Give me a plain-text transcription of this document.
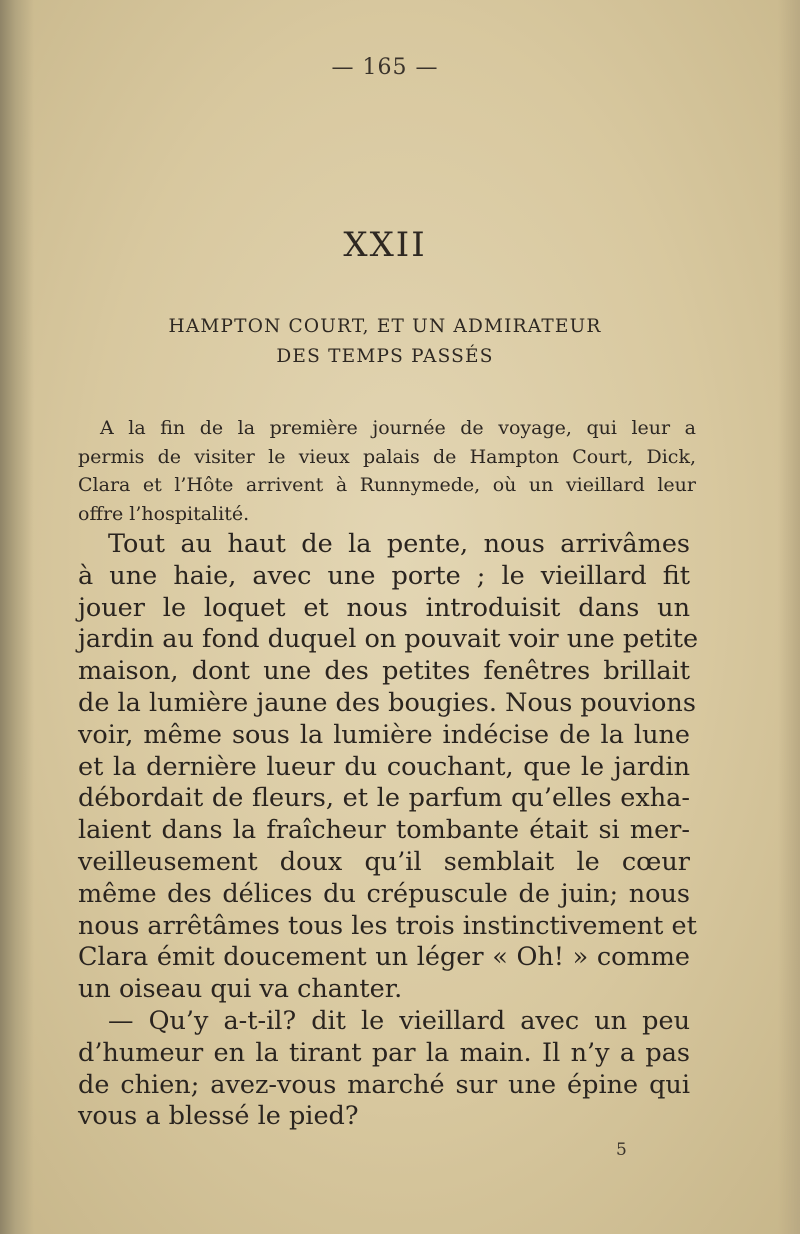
— 165 —
XXII
HAMPTON COURT, ET UN ADMIRATEUR
DES TEMPS PASSÉS
A la fin de la première journée de voyage, qui leur a
permis de visiter le vieux palais de Hampton Court, Dick,
Clara et l’Hôte arrivent à Runnymede, où un vieillard leur
offre l’hospitalité.
Tout au haut de la pente, nous arrivâmes
à une haie, avec une porte ; le vieillard fit
jouer le loquet et nous introduisit dans un
jardin au fond duquel on pouvait voir une petite
maison, dont une des petites fenêtres brillait
de la lumière jaune des bougies. Nous pouvions
voir, même sous la lumière indécise de la lune
et la dernière lueur du couchant, que le jardin
débordait de fleurs, et le parfum qu’elles exha-
laient dans la fraîcheur tombante était si mer-
veilleusement doux qu’il semblait le cœur
même des délices du crépuscule de juin; nous
nous arrêtâmes tous les trois instinctivement et
Clara émit doucement un léger « Oh! » comme
un oiseau qui va chanter.
— Qu’y a-t-il? dit le vieillard avec un peu
d’humeur en la tirant par la main. Il n’y a pas
de chien; avez-vous marché sur une épine qui
vous a blessé le pied?
5
